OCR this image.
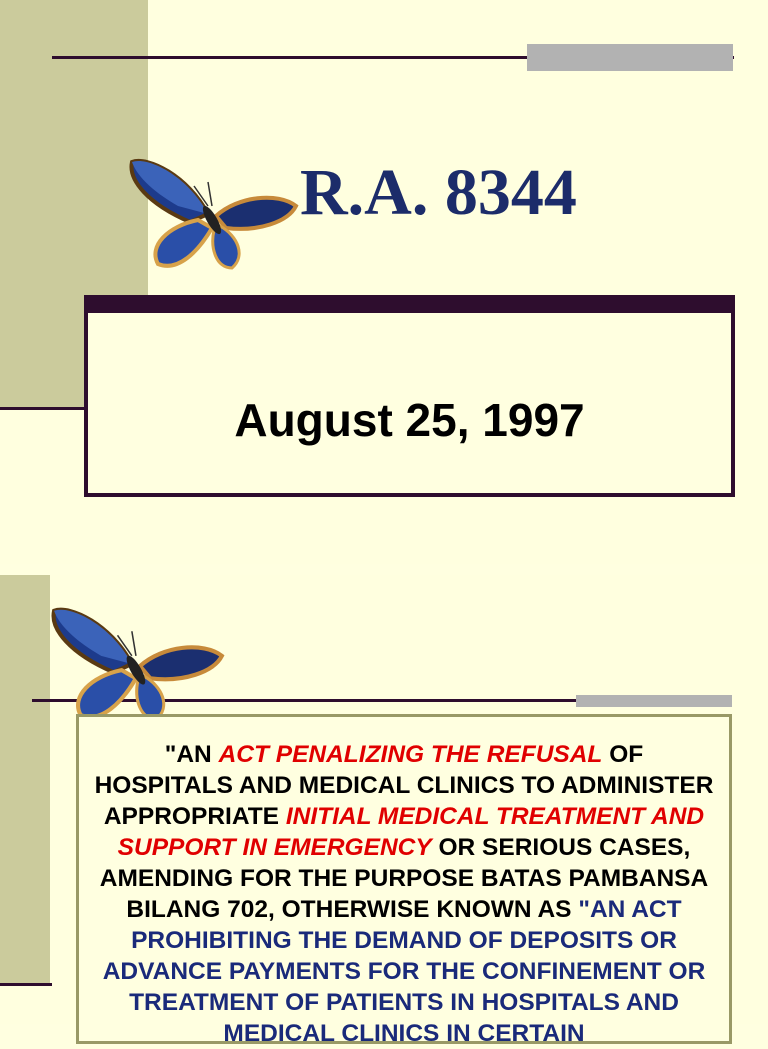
R.A. 8344
August 25, 1997
"AN ACT PENALIZING THE REFUSAL OF HOSPITALS AND MEDICAL CLINICS TO ADMINISTER APPROPRIATE INITIAL MEDICAL TREATMENT AND SUPPORT IN EMERGENCY OR SERIOUS CASES, AMENDING FOR THE PURPOSE BATAS PAMBANSA BILANG 702, OTHERWISE KNOWN AS "AN ACT PROHIBITING THE DEMAND OF DEPOSITS OR ADVANCE PAYMENTS FOR THE CONFINEMENT OR TREATMENT OF PATIENTS IN HOSPITALS AND MEDICAL CLINICS IN CERTAIN
